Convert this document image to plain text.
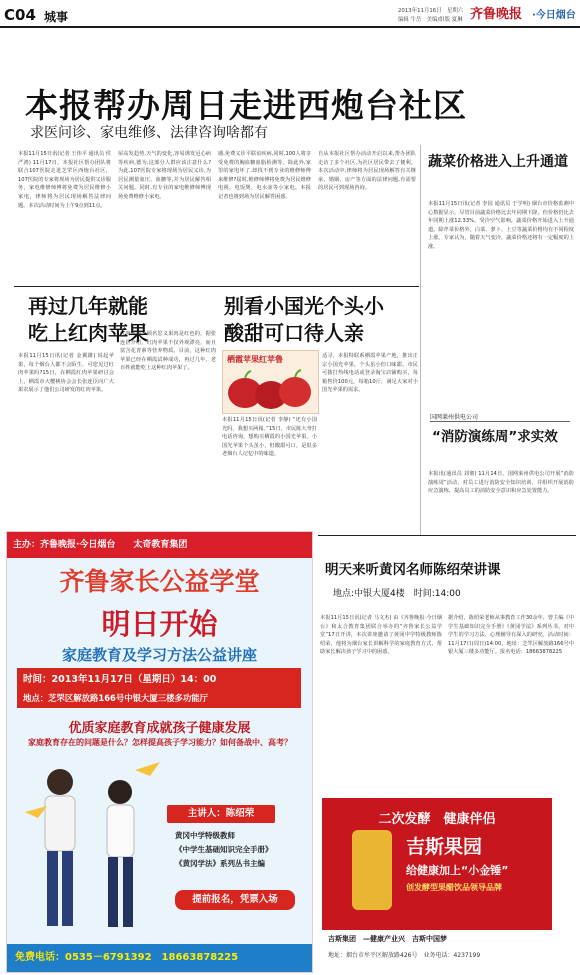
C04 城事	2013年11月16日　星期六
编辑 牛岳　美编/组版 夏琳 齐鲁晚报 ·今日烟台
本报帮办周日走进西炮台社区
求医问诊、家电维修、法律咨询啥都有
本报11月15日讯(记者 王伟平 通讯员 侯严鸿) 11月17日，本报社区帮办团队将联合107医院走进芝罘区西炮台社区，107医院的专家将现场为居民提供义诊服务，家电维修师傅将免费为居民维修小家电，律师将为居民现场解答法律问题。本次活动时间为上午9点到11点。
屋高发趋势,天气的变化,容易诱发冠心病等疾病,德为,这部分人群应该注意什么?为此,107医院专家将现场为居民义诊,为居民测量血压、血糖等,并为居民解答相关问题。同时,有专业的家电维修师傅现场免费维修小家电。
感,免费义诊平联谊疾病,同时,100人将享受免费的胸血糖血脂检测等。除此外,家里的家电坏了,却找不到专业的维修师傅来维修?届时,维修师傅将免费为居民维修电视、电饭煲、电水壶等小家电。本报记者也将到场为居民解答困惑。
自从本报社区帮办活动开启以来,帮办团队走访了多个社区,为社区居民带去了便利。本次活动中,律师将为居民现场解答有关继承、婚姻、房产等方面的法律问题,有需要的居民可到现场咨询。
蔬菜价格进入上升通道
本报11月15日讯(记者 李园 通讯员 于学明) 烟台市价格监测中心数据显示，尽管目前蔬菜价格比去年同期下降，但价格仍比去年同期上涨12.33%。受冷空气影响，蔬菜价格开始进入上升通道。除芹菜价格外，白菜、萝卜、土豆等蔬菜价格均有不同程度上涨。专家认为，随着天气变冷，蔬菜价格还将有一定幅度的上涨。
国网莱州供电公司
“消防演练周”求实效
本报讯(通讯员 刘彻) 11月14日，国网莱州供电公司开展“消防演练周”活动，对员工进行消防安全知识培训，并组织开展消防应急演练，提高员工的消防安全意识和应急处置能力。
再过几年就能
吃上红肉苹果
本报11月15日讯(记者 金翼雄) 说起苹果，每个烟台人都不会陌生，可您见过红肉苹果吗?15日，在栖霞红肉苹果研讨会上，栖霞市大樱桃协会会长张连臣向广大果农展示了他们公司研发的红肉苹果。
红肉苹果，顾名思义果肉是红色的，据张连臣介绍，红肉苹果不仅外观漂亮，而且富含花青素等营养物质。目前，这种红肉苹果已经在栖霞试种成功，再过几年，老百姓就能吃上这种红肉苹果了。
别看小国光个头小
酸甜可口待人亲
栖霞苹果红苹鲁
本报11月15日讯(记者 李静) “还有小国光吗，我想买两箱。”15日，市民陈大爷打电话咨询，想购买栖霞的小国光苹果。小国光苹果个头虽小，但酸甜可口，是很多老烟台人记忆中的味道。
适寻，本报特联系栖霞苹果产地，推出正宗小国光苹果，个头虽小但口味甜。市民可拨打热线电话或登录淘宝店铺购买，每箱售价100元，每箱10斤，满足大家对小国光苹果的需求。
明天来听黄冈名师陈绍荣讲课
地点:中银大厦4楼　时间:14:00
本报11月15日讯(记者 马文杰) 由《齐鲁晚报·今日烟台》和太合教育集团联合举办的“齐鲁家长公益学堂”17日开讲，本次讲座邀请了黄冈中学特级教师陈绍荣，他将为烟台家长讲解科学的家庭教育方式，帮助家长解决孩子学习中的困惑。
据介绍，陈绍荣老师从事教育工作30余年，曾主编《中学生基础知识完全手册》《黄冈学法》系列丛书，对中学生的学习方法、心理辅导有深入的研究。活动时间：11月17日(周日)14:00，地址：芝罘区解放路166号中银大厦三楼多功能厅。报名电话：18663878225
主办：齐鲁晚报·今日烟台　　太奇教育集团
齐鲁家长公益学堂
明日开始
家庭教育及学习方法公益讲座
时间：2013年11月17日（星期日）14：00
地点：芝罘区解放路166号中银大厦三楼多功能厅
优质家庭教育成就孩子健康发展
家庭教育存在的问题是什么？怎样提高孩子学习能力？如何备战中、高考？
主讲人：陈绍荣
黄冈中学特级教师
《中学生基础知识完全手册》
《黄冈学法》系列丛书主编
提前报名，凭票入场
免费电话：0535－6791392　18663878225
二次发酵　健康伴侣
吉斯果园
给健康加上“小金锤”
创发酵型果醋饮品领导品牌
吉斯集团　—健康产业兴　吉斯中国梦
地址：烟台市牟平区解放路426号　业务电话：4237199
